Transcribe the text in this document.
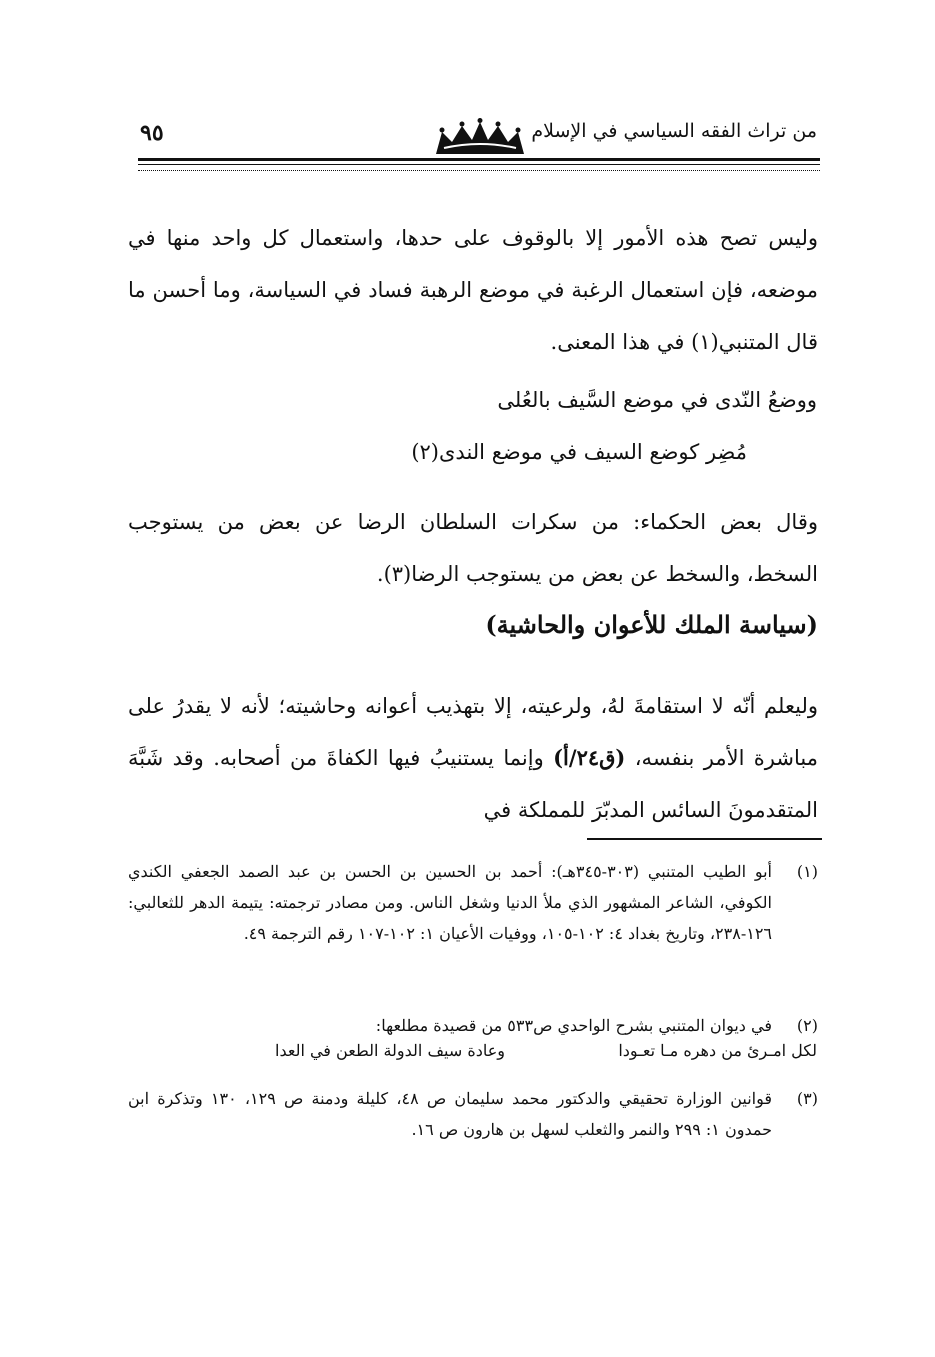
من تراث الفقه السياسي في الإسلام
٩٥

وليس تصح هذه الأمور إلا بالوقوف على حدها، واستعمال كل واحد منها في موضعه، فإن استعمال الرغبة في موضع الرهبة فساد في السياسة، وما أحسن ما قال المتنبي(١) في هذا المعنى.

ووضعُ النّدى في موضع السَّيف بالعُلى

مُضِر كوضع السيف في موضع الندى(٢)

وقال بعض الحكماء: من سكرات السلطان الرضا عن بعض من يستوجب السخط، والسخط عن بعض من يستوجب الرضا(٣).

(سياسة الملك للأعوان والحاشية)

وليعلم أنّه لا استقامةَ لهُ، ولرعيته، إلا بتهذيب أعوانه وحاشيته؛ لأنه لا يقدرُ على مباشرة الأمر بنفسه، (ق٢٤/أ) وإنما يستنيبُ فيها الكفاةَ من أصحابه. وقد شَبَّهَ المتقدمونَ السائس المدبّرَ للمملكة في

(١)
أبو الطيب المتنبي (٣٠٣-٣٤٥هـ): أحمد بن الحسين بن الحسن بن عبد الصمد الجعفي الكندي الكوفي، الشاعر المشهور الذي ملأ الدنيا وشغل الناس. ومن مصادر ترجمته: يتيمة الدهر للثعالبي: ١٢٦-٢٣٨، وتاريخ بغداد ٤: ١٠٢-١٠٥، ووفيات الأعيان ١: ١٠٢-١٠٧ رقم الترجمة ٤٩.
(٢)
في ديوان المتنبي بشرح الواحدي ص٥٣٣ من قصيدة مطلعها:

لكل امـرئ من دهره مـا تعـودا

وعادة سيف الدولة الطعن في العدا

(٣)
قوانين الوزارة تحقيقي والدكتور محمد سليمان ص ٤٨، كليلة ودمنة ص ١٢٩، ١٣٠ وتذكرة ابن حمدون ١: ٢٩٩ والنمر والثعلب لسهل بن هارون ص ١٦.
